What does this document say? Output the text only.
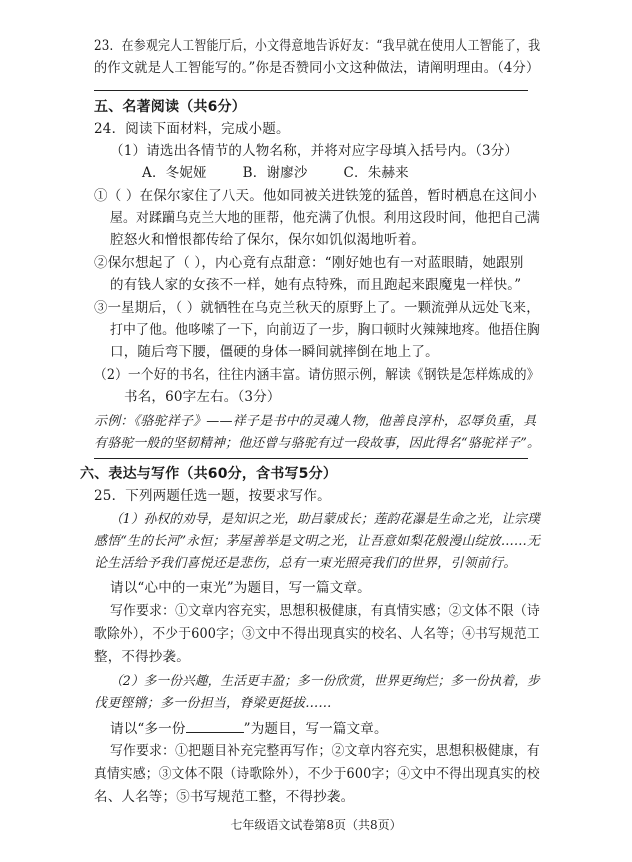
23．在参观完人工智能厅后，小文得意地告诉好友：“我早就在使用人工智能了，我
的作文就是人工智能写的。”你是否赞同小文这种做法，请阐明理由。（4分）
五、名著阅读（共6分）
24．阅读下面材料，完成小题。
（1）请选出各情节的人物名称，并将对应字母填入括号内。（3分）
A．冬妮娅        B．谢廖沙        C．朱赫来
①（ ）在保尔家住了八天。他如同被关进铁笼的猛兽，暂时栖息在这间小
屋。对蹂躏乌克兰大地的匪帮，他充满了仇恨。利用这段时间，他把自己满
腔怒火和憎恨都传给了保尔，保尔如饥似渴地听着。
②保尔想起了（ ），内心竟有点甜意：“刚好她也有一对蓝眼睛，她跟别
的有钱人家的女孩不一样，她有点特殊，而且跑起来跟魔鬼一样快。”
③一星期后，（ ）就牺牲在乌克兰秋天的原野上了。一颗流弹从远处飞来，
打中了他。他哆嗦了一下，向前迈了一步，胸口顿时火辣辣地疼。他捂住胸
口，随后弯下腰，僵硬的身体一瞬间就摔倒在地上了。
（2）一个好的书名，往往内涵丰富。请仿照示例，解读《钢铁是怎样炼成的》
书名，60字左右。（3分）
示例：《骆驼祥子》——祥子是书中的灵魂人物，他善良淳朴，忍辱负重，具
有骆驼一般的坚韧精神；他还曾与骆驼有过一段故事，因此得名“骆驼祥子”。
六、表达与写作（共60分，含书写5分）
25．下列两题任选一题，按要求写作。
（1）孙权的劝导，是知识之光，助吕蒙成长；莲韵花瀑是生命之光，让宗璞
感悟“生的长河”永恒；茅屋善举是文明之光，让吾意如梨花般漫山绽放……无
论生活给予我们喜悦还是悲伤，总有一束光照亮我们的世界，引领前行。
请以“心中的一束光”为题目，写一篇文章。
写作要求：①文章内容充实，思想积极健康，有真情实感；②文体不限（诗
歌除外），不少于600字；③文中不得出现真实的校名、人名等；④书写规范工
整，不得抄袭。
（2）多一份兴趣，生活更丰盈；多一份欣赏，世界更绚烂；多一份执着，步
伐更铿锵；多一份担当，脊梁更挺拔……
请以“多一份	”为题目，写一篇文章。
写作要求：①把题目补充完整再写作；②文章内容充实，思想积极健康，有
真情实感；③文体不限（诗歌除外），不少于600字；④文中不得出现真实的校
名、人名等；⑤书写规范工整，不得抄袭。
七年级语文试卷第8页（共8页）
